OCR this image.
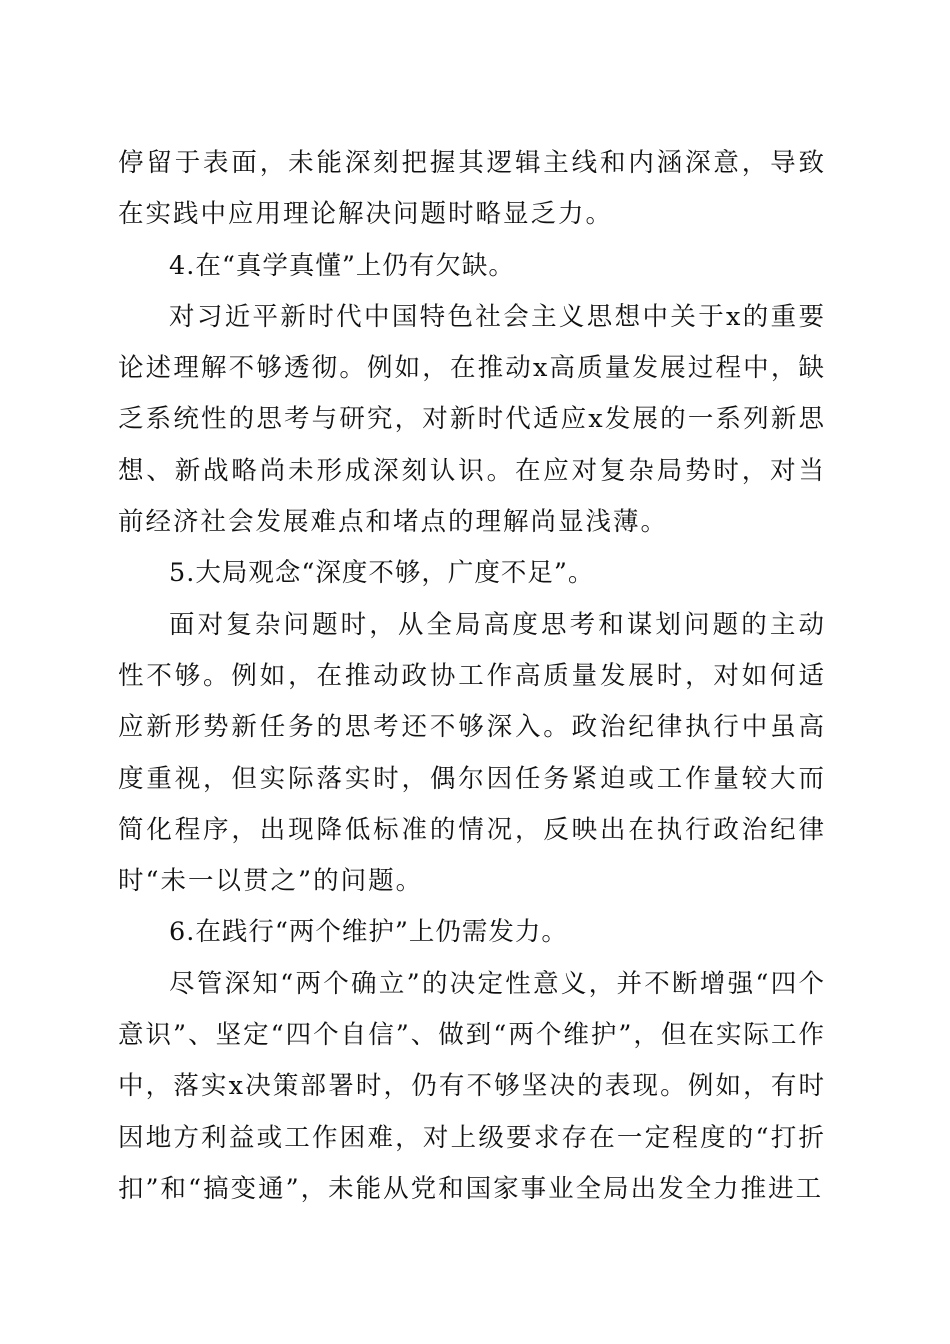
停留于表面，未能深刻把握其逻辑主线和内涵深意，导致在实践中应用理论解决问题时略显乏力。

4.在“真学真懂”上仍有欠缺。

对习近平新时代中国特色社会主义思想中关于x的重要论述理解不够透彻。例如，在推动x高质量发展过程中，缺乏系统性的思考与研究，对新时代适应x发展的一系列新思想、新战略尚未形成深刻认识。在应对复杂局势时，对当前经济社会发展难点和堵点的理解尚显浅薄。

5.大局观念“深度不够，广度不足”。

面对复杂问题时，从全局高度思考和谋划问题的主动性不够。例如，在推动政协工作高质量发展时，对如何适应新形势新任务的思考还不够深入。政治纪律执行中虽高度重视，但实际落实时，偶尔因任务紧迫或工作量较大而简化程序，出现降低标准的情况，反映出在执行政治纪律时“未一以贯之”的问题。

6.在践行“两个维护”上仍需发力。

尽管深知“两个确立”的决定性意义，并不断增强“四个意识”、坚定“四个自信”、做到“两个维护”，但在实际工作中，落实x决策部署时，仍有不够坚决的表现。例如，有时因地方利益或工作困难，对上级要求存在一定程度的“打折扣”和“搞变通”，未能从党和国家事业全局出发全力推进工
